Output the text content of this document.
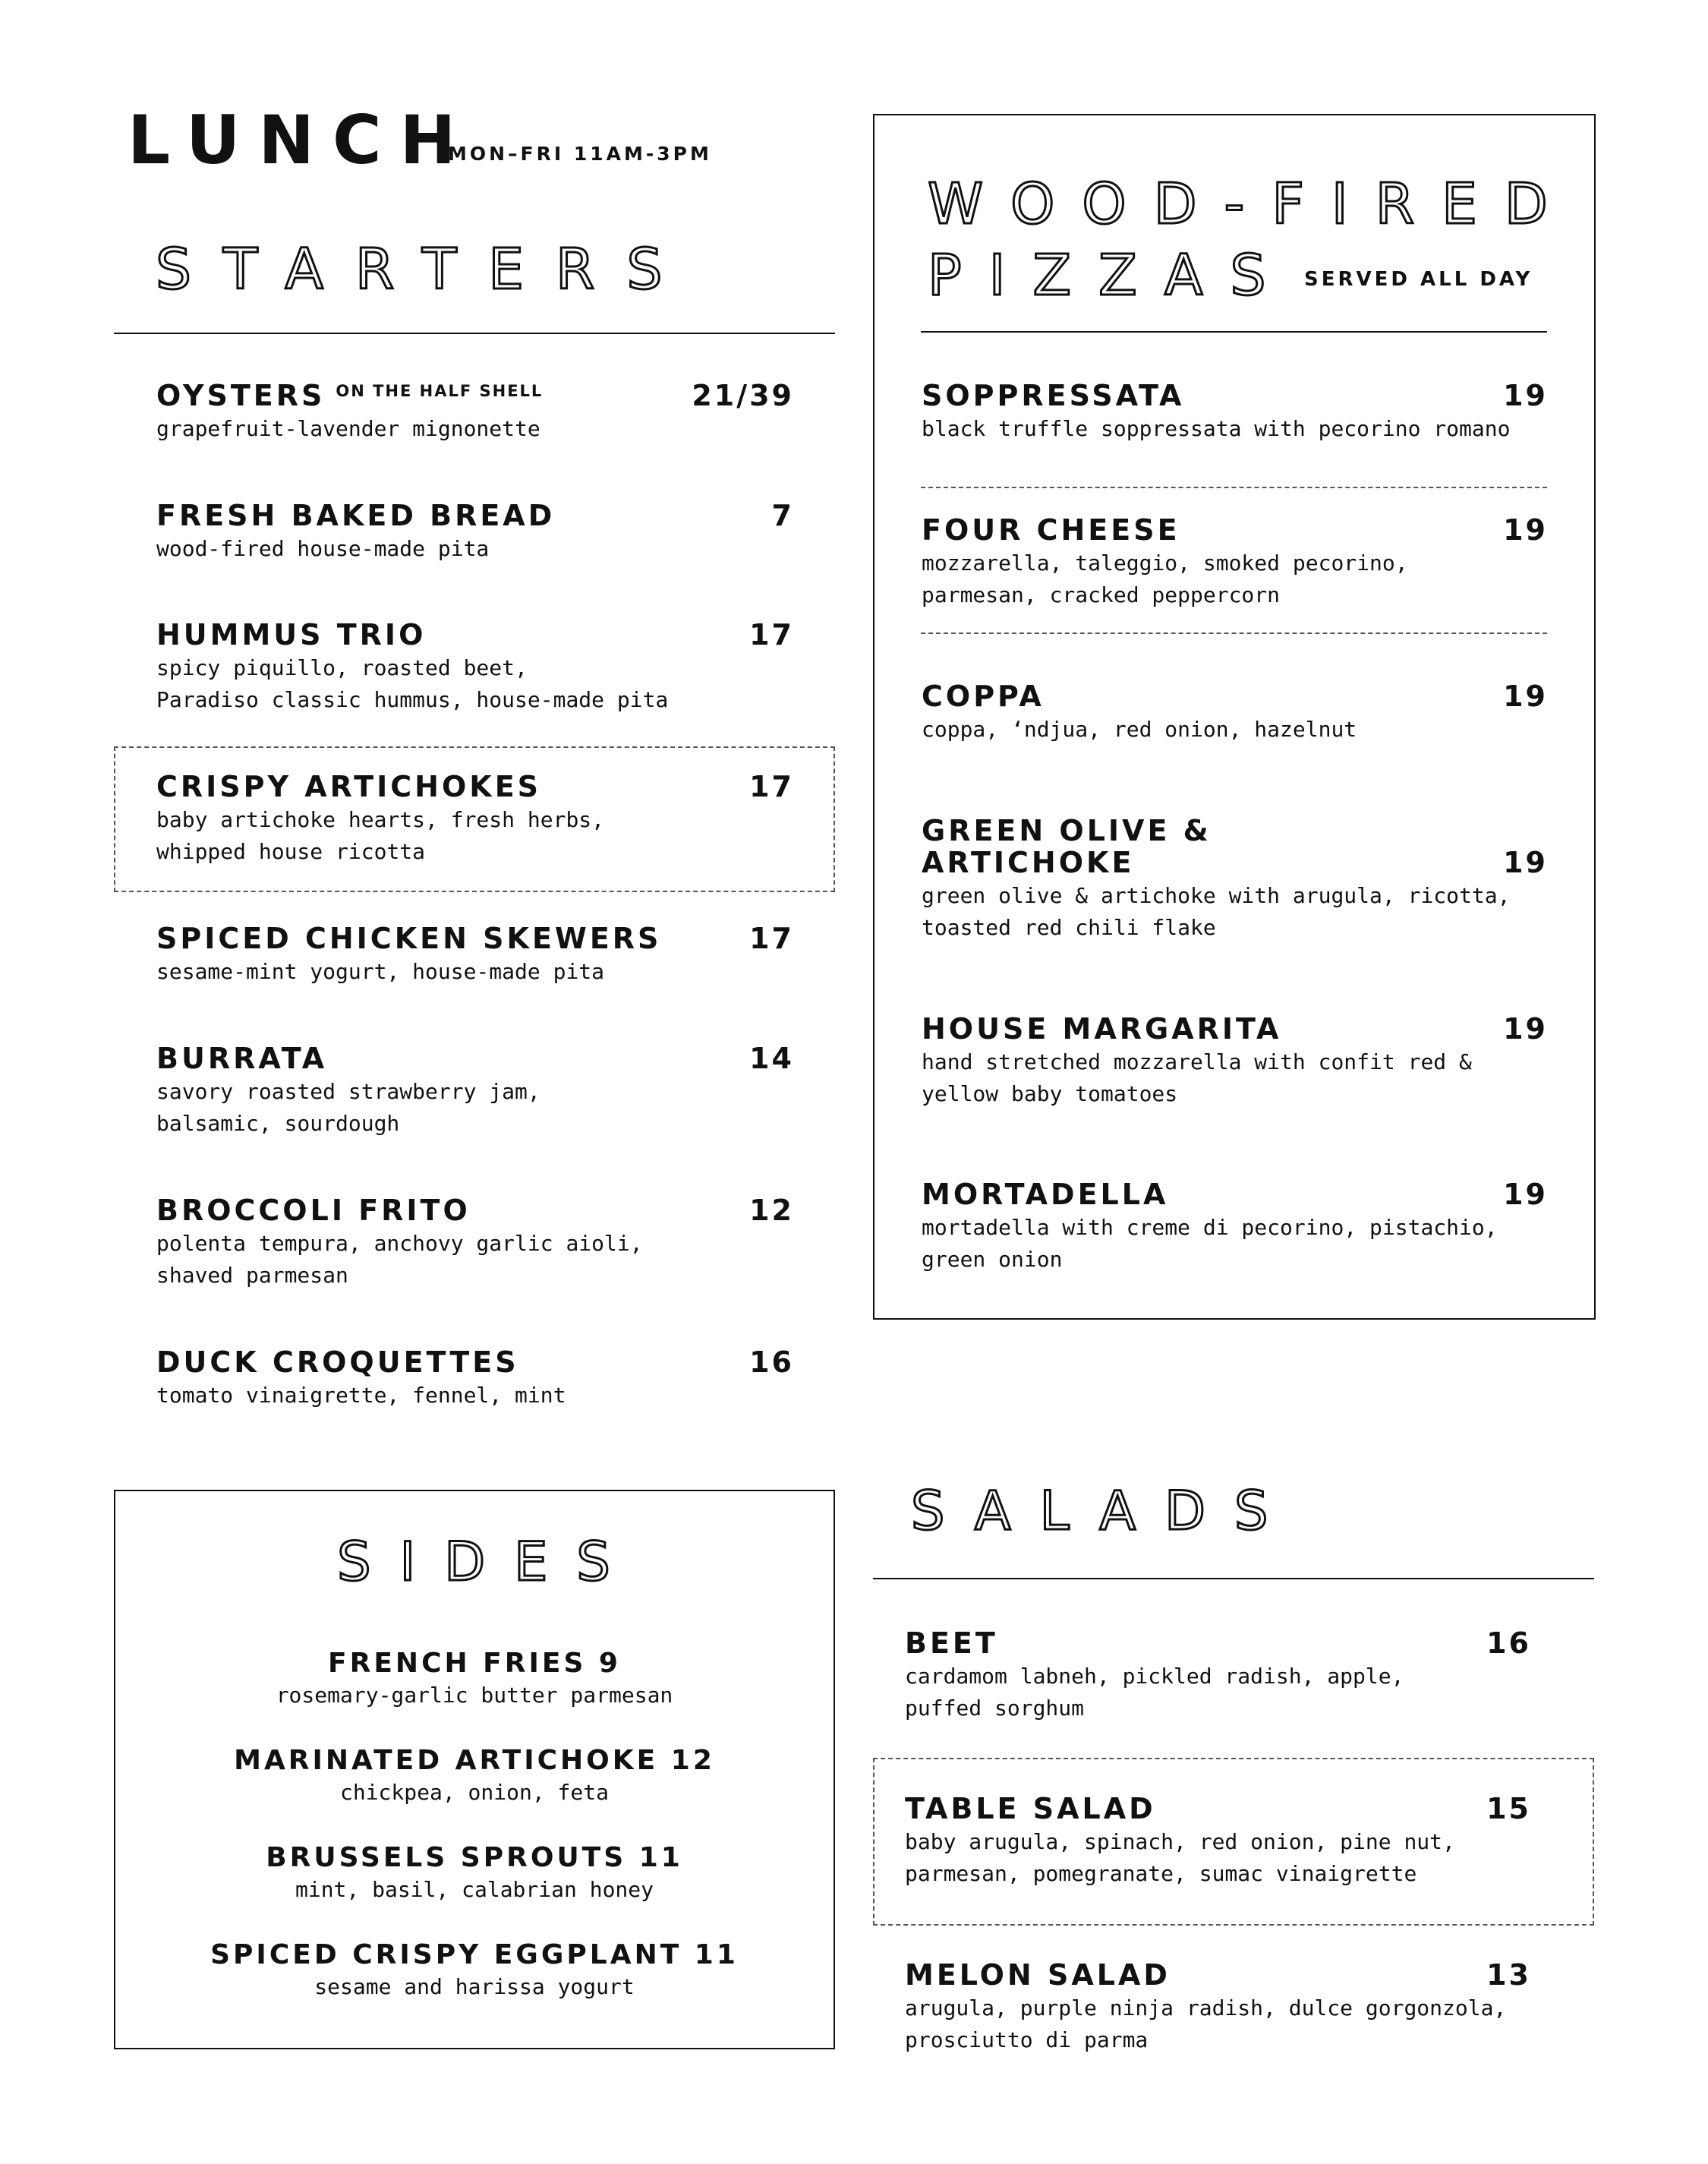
LUNCH
MON–FRI 11AM-3PM
STARTERS
OYSTERS $^{ON THE HALF SHELL}$	21/39
grapefruit-lavender mignonette
FRESH BAKED BREAD	7
wood-fired house-made pita
HUMMUS TRIO	17
spicy piquillo, roasted beet,
Paradiso classic hummus, house-made pita
CRISPY ARTICHOKES	17
baby artichoke hearts, fresh herbs,
whipped house ricotta
SPICED CHICKEN SKEWERS	17
sesame-mint yogurt, house-made pita
BURRATA	14
savory roasted strawberry jam,
balsamic, sourdough
BROCCOLI FRITO	12
polenta tempura, anchovy garlic aioli,
shaved parmesan
DUCK CROQUETTES	16
tomato vinaigrette, fennel, mint
WOOD-FIRED
PIZZAS SERVED ALL DAY
SOPPRESSATA	19
black truffle soppressata with pecorino romano
FOUR CHEESE	19
mozzarella, taleggio, smoked pecorino,
parmesan, cracked peppercorn
COPPA	19
coppa, ‘ndjua, red onion, hazelnut
GREEN OLIVE &
ARTICHOKE	19
green olive & artichoke with arugula, ricotta,
toasted red chili flake
HOUSE MARGARITA	19
hand stretched mozzarella with confit red &
yellow baby tomatoes
MORTADELLA	19
mortadella with creme di pecorino, pistachio,
green onion
SIDES
FRENCH FRIES 9
rosemary-garlic butter parmesan
MARINATED ARTICHOKE 12
chickpea, onion, feta
BRUSSELS SPROUTS 11
mint, basil, calabrian honey
SPICED CRISPY EGGPLANT 11
sesame and harissa yogurt
SALADS
BEET	16
cardamom labneh, pickled radish, apple,
puffed sorghum
TABLE SALAD	15
baby arugula, spinach, red onion, pine nut,
parmesan, pomegranate, sumac vinaigrette
MELON SALAD	13
arugula, purple ninja radish, dulce gorgonzola,
prosciutto di parma
